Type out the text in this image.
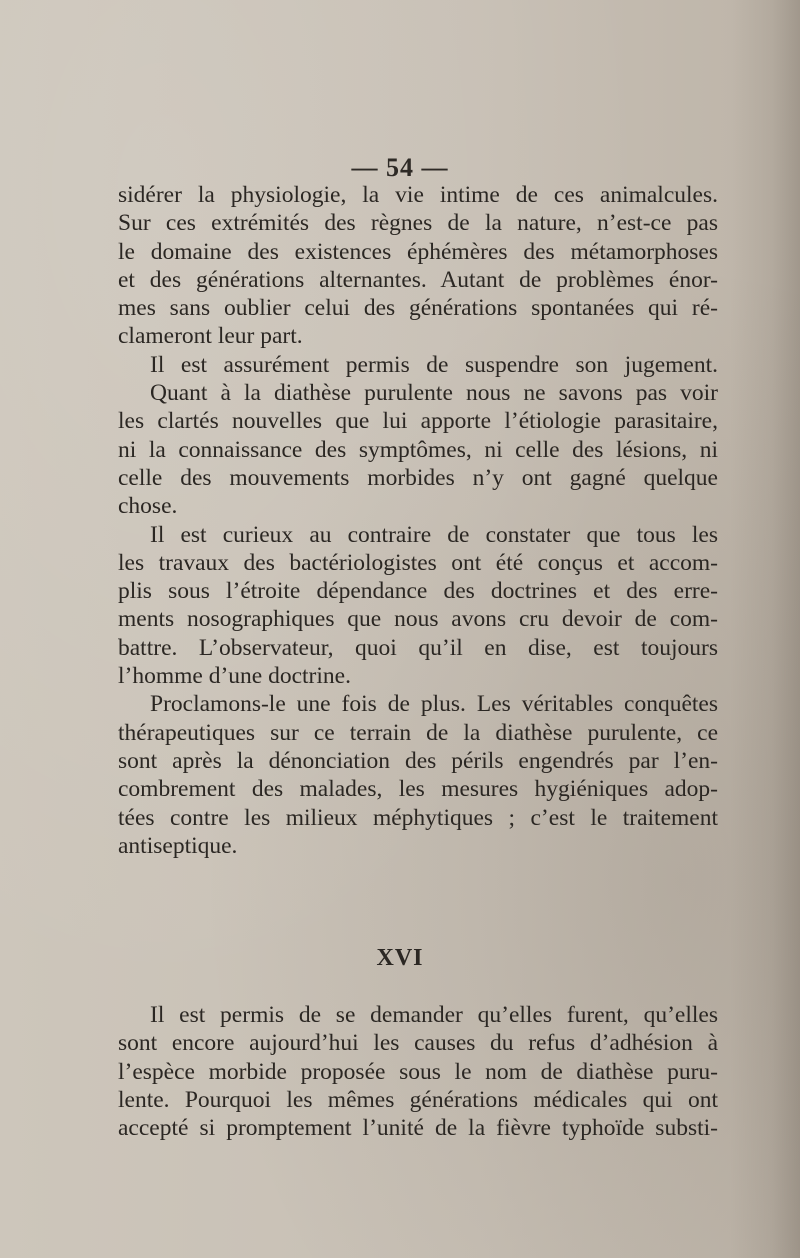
— 54 —
sidérer la physiologie, la vie intime de ces animalcules.
Sur ces extrémités des règnes de la nature, n’est-ce pas
le domaine des existences éphémères des métamorphoses
et des générations alternantes. Autant de problèmes énor-
mes sans oublier celui des générations spontanées qui ré-
clameront leur part.
Il est assurément permis de suspendre son jugement.
Quant à la diathèse purulente nous ne savons pas voir
les clartés nouvelles que lui apporte l’étiologie parasitaire,
ni la connaissance des symptômes, ni celle des lésions, ni
celle des mouvements morbides n’y ont gagné quelque
chose.
Il est curieux au contraire de constater que tous les
les travaux des bactériologistes ont été conçus et accom-
plis sous l’étroite dépendance des doctrines et des erre-
ments nosographiques que nous avons cru devoir de com-
battre. L’observateur, quoi qu’il en dise, est toujours
l’homme d’une doctrine.
Proclamons-le une fois de plus. Les véritables conquêtes
thérapeutiques sur ce terrain de la diathèse purulente, ce
sont après la dénonciation des périls engendrés par l’en-
combrement des malades, les mesures hygiéniques adop-
tées contre les milieux méphytiques ; c’est le traitement
antiseptique.
XVI
Il est permis de se demander qu’elles furent, qu’elles
sont encore aujourd’hui les causes du refus d’adhésion à
l’espèce morbide proposée sous le nom de diathèse puru-
lente. Pourquoi les mêmes générations médicales qui ont
accepté si promptement l’unité de la fièvre typhoïde substi-
